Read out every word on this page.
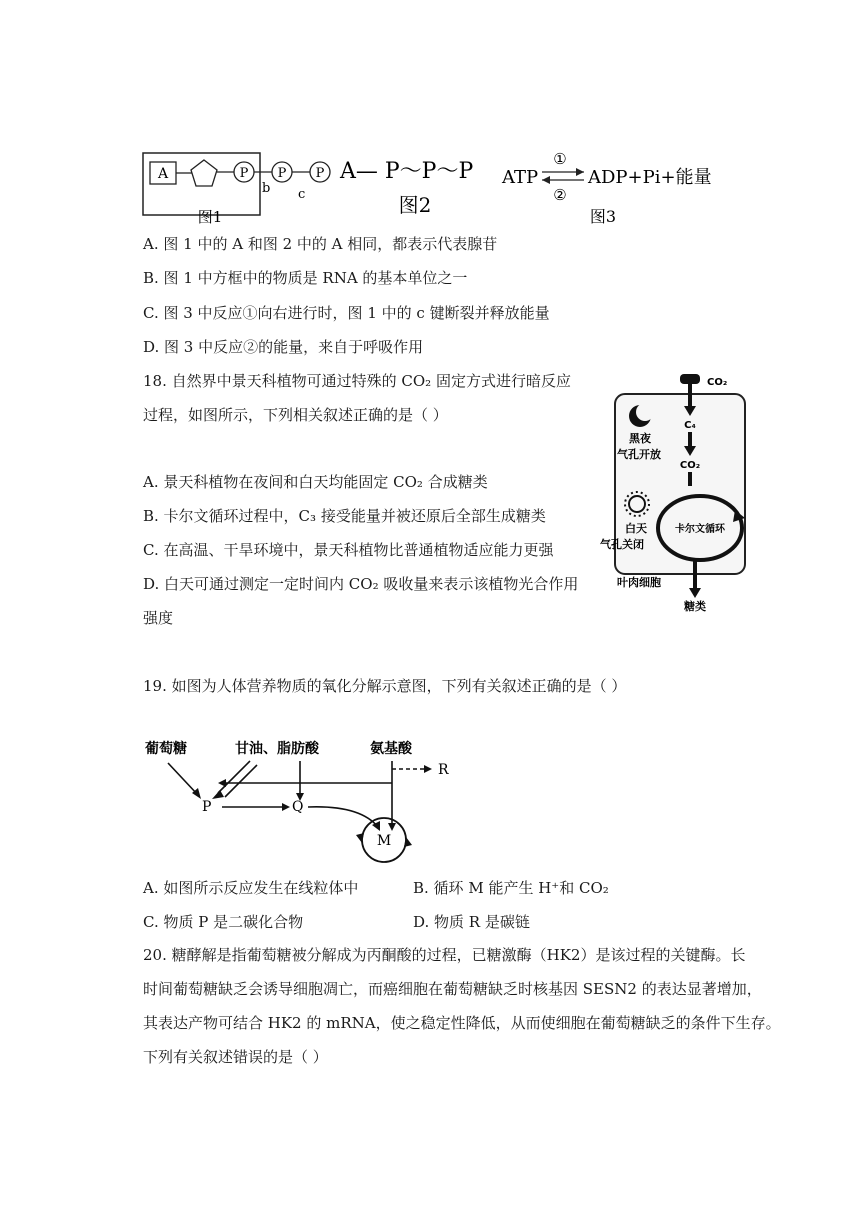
A	P
b
P
c
P
图1
A— P～P～P
图2
ATP
①
②
ADP+Pi+能量
图3
A. 图 1 中的 A 和图 2 中的 A 相同，都表示代表腺苷
B. 图 1 中方框中的物质是 RNA 的基本单位之一
C. 图 3 中反应①向右进行时，图 1 中的 c 键断裂并释放能量
D. 图 3 中反应②的能量，来自于呼吸作用
18. 自然界中景天科植物可通过特殊的 CO₂ 固定方式进行暗反应
过程，如图所示，下列相关叙述正确的是（ ）
A. 景天科植物在夜间和白天均能固定 CO₂ 合成糖类
B. 卡尔文循环过程中，C₃ 接受能量并被还原后全部生成糖类
C. 在高温、干旱环境中，景天科植物比普通植物适应能力更强
D. 白天可通过测定一定时间内 CO₂ 吸收量来表示该植物光合作用
强度
CO₂
C₄
CO₂
黑夜
气孔开放
白天
气孔关闭
卡尔文循环
叶肉细胞
糖类
19. 如图为人体营养物质的氧化分解示意图，下列有关叙述正确的是（ ）
葡萄糖	甘油、脂肪酸	氨基酸
R
P	Q
M
A. 如图所示反应发生在线粒体中	B. 循环 M 能产生 H⁺和 CO₂
C. 物质 P 是二碳化合物	D. 物质 R 是碳链
20. 糖酵解是指葡萄糖被分解成为丙酮酸的过程，已糖激酶（HK2）是该过程的关键酶。长
时间葡萄糖缺乏会诱导细胞凋亡，而癌细胞在葡萄糖缺乏时核基因 SESN2 的表达显著增加，
其表达产物可结合 HK2 的 mRNA，使之稳定性降低，从而使细胞在葡萄糖缺乏的条件下生存。
下列有关叙述错误的是（ ）
